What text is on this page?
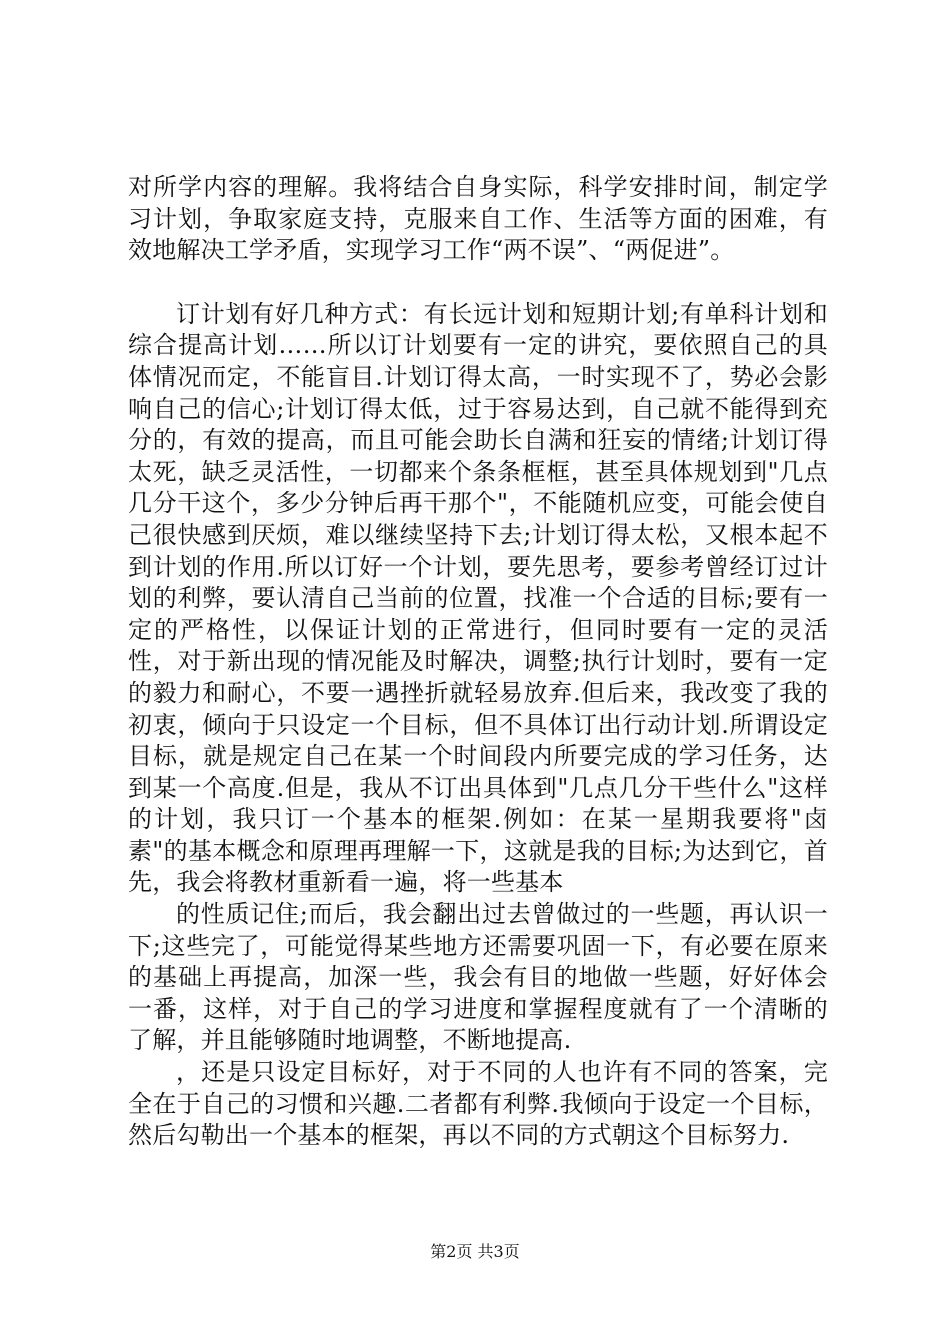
对所学内容的理解。我将结合自身实际，科学安排时间，制定学习计划，争取家庭支持，克服来自工作、生活等方面的困难，有效地解决工学矛盾，实现学习工作“两不误”、“两促进”。

订计划有好几种方式：有长远计划和短期计划;有单科计划和综合提高计划……所以订计划要有一定的讲究，要依照自己的具体情况而定，不能盲目.计划订得太高，一时实现不了，势必会影响自己的信心;计划订得太低，过于容易达到，自己就不能得到充分的，有效的提高，而且可能会助长自满和狂妄的情绪;计划订得太死，缺乏灵活性，一切都来个条条框框，甚至具体规划到"几点几分干这个，多少分钟后再干那个"，不能随机应变，可能会使自己很快感到厌烦，难以继续坚持下去;计划订得太松，又根本起不到计划的作用.所以订好一个计划，要先思考，要参考曾经订过计划的利弊，要认清自己当前的位置，找准一个合适的目标;要有一定的严格性，以保证计划的正常进行，但同时要有一定的灵活性，对于新出现的情况能及时解决，调整;执行计划时，要有一定的毅力和耐心，不要一遇挫折就轻易放弃.但后来，我改变了我的初衷，倾向于只设定一个目标，但不具体订出行动计划.所谓设定目标，就是规定自己在某一个时间段内所要完成的学习任务，达到某一个高度.但是，我从不订出具体到"几点几分干些什么"这样的计划，我只订一个基本的框架.例如：在某一星期我要将"卤素"的基本概念和原理再理解一下，这就是我的目标;为达到它，首先，我会将教材重新看一遍，将一些基本

的性质记住;而后，我会翻出过去曾做过的一些题，再认识一下;这些完了，可能觉得某些地方还需要巩固一下，有必要在原来的基础上再提高，加深一些，我会有目的地做一些题，好好体会一番，这样，对于自己的学习进度和掌握程度就有了一个清晰的了解，并且能够随时地调整，不断地提高.

，还是只设定目标好，对于不同的人也许有不同的答案，完全在于自己的习惯和兴趣.二者都有利弊.我倾向于设定一个目标，然后勾勒出一个基本的框架，再以不同的方式朝这个目标努力.

第2页 共3页
